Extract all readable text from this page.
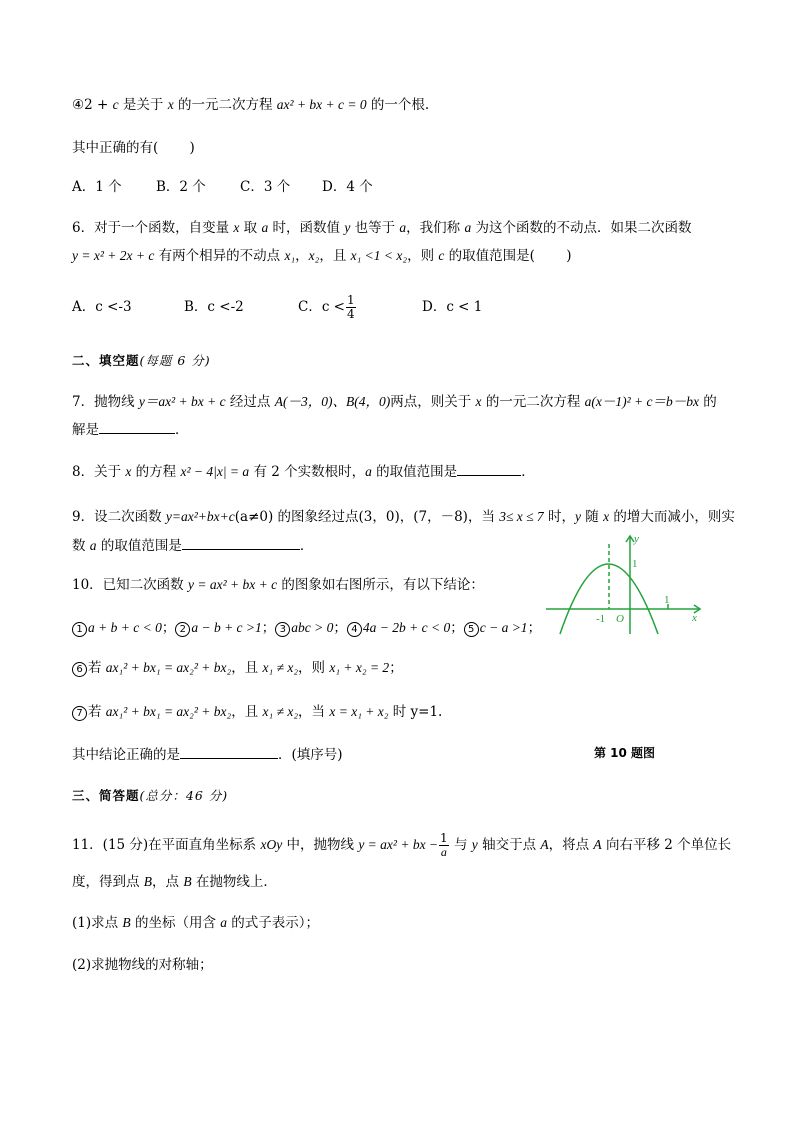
④2 + c 是关于 x 的一元二次方程 ax² + bx + c = 0 的一个根.
其中正确的有(　　 )
A．1 个	B．2 个	C．3 个 D．4 个
6．对于一个函数，自变量 x 取 a 时，函数值 y 也等于 a，我们称 a 为这个函数的不动点．如果二次函数
y = x² + 2x + c 有两个相异的不动点 x₁，x₂，且 x₁ <1 < x₂，则 c 的取值范围是(　　 )
A．c <-3	B．c <-2	C．$c < \frac{1}{4}$	D．c < 1
二、填空题(每题 6 分)
7．抛物线 y＝ax² + bx + c 经过点 A(－3，0)、B(4，0)两点，则关于 x 的一元二次方程 a(x－1)² + c＝b－bx 的
解是	．
8．关于 x 的方程 x² − 4|x| = a 有 2 个实数根时，a 的取值范围是	．
9．设二次函数 y=ax²+bx+c(a≠0) 的图象经过点(3，0)，(7，－8)，当 3≤ x ≤ 7 时，y 随 x 的增大而减小，则实
数 a 的取值范围是	．
10．已知二次函数 y = ax² + bx + c 的图象如右图所示，有以下结论：
1 a + b + c < 0； 2 a − b + c >1； 3 abc > 0； 4 4a − 2b + c < 0； 5 c − a >1；
6 若 ax₁² + bx₁ = ax₂² + bx₂，且 x₁ ≠ x₂，则 x₁ + x₂ = 2；
7 若 ax₁² + bx₁ = ax₂² + bx₂，且 x₁ ≠ x₂，当 x = x₁ + x₂ 时 y=1.
其中结论正确的是	．(填序号)	第 10 题图
y
x
1
1
-1 O
三、简答题(总分：46 分)
11．(15 分)在平面直角坐标系 xOy 中，抛物线 y = ax² + bx − $\frac{1}{a}$ 与 y 轴交于点 A，将点 A 向右平移 2 个单位长
度，得到点 B，点 B 在抛物线上．
(1)求点 B 的坐标（用含 a 的式子表示）；
(2)求抛物线的对称轴；
